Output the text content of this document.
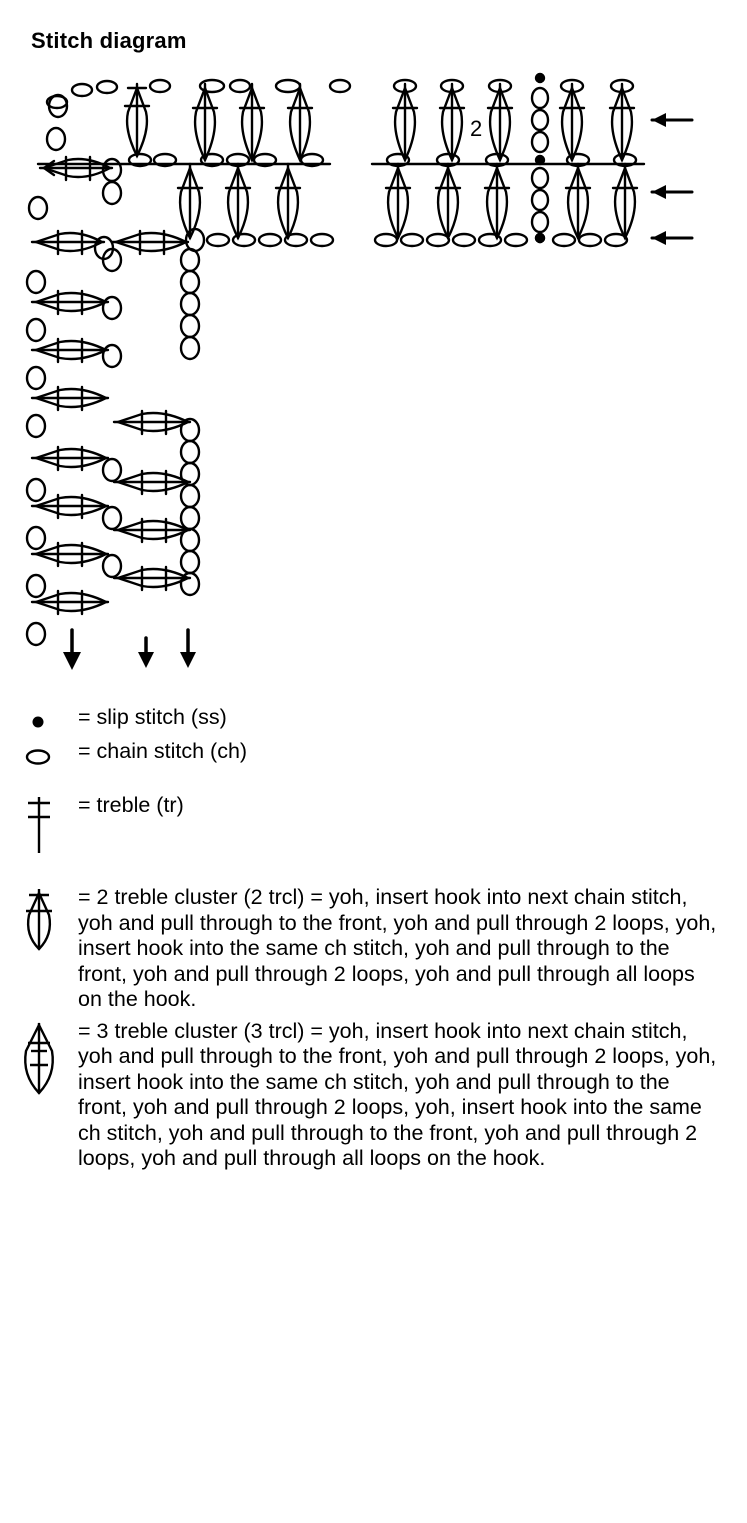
Stitch diagram
2
= slip stitch (ss)
= chain stitch (ch)
= treble (tr)
= 2 treble cluster (2 trcl) = yoh, insert hook into next chain stitch, yoh and pull through to the front, yoh and pull through 2 loops, yoh, insert hook into the same ch stitch, yoh and pull through to the front, yoh and pull through 2 loops, yoh and pull through all loops on the hook.
= 3 treble cluster (3 trcl) = yoh, insert hook into next chain stitch, yoh and pull through to the front, yoh and pull through 2 loops, yoh, insert hook into the same ch stitch, yoh and pull through to the front, yoh and pull through 2 loops, yoh, insert hook into the same ch stitch, yoh and pull through to the front, yoh and pull through 2 loops, yoh and pull through all loops on the hook.
